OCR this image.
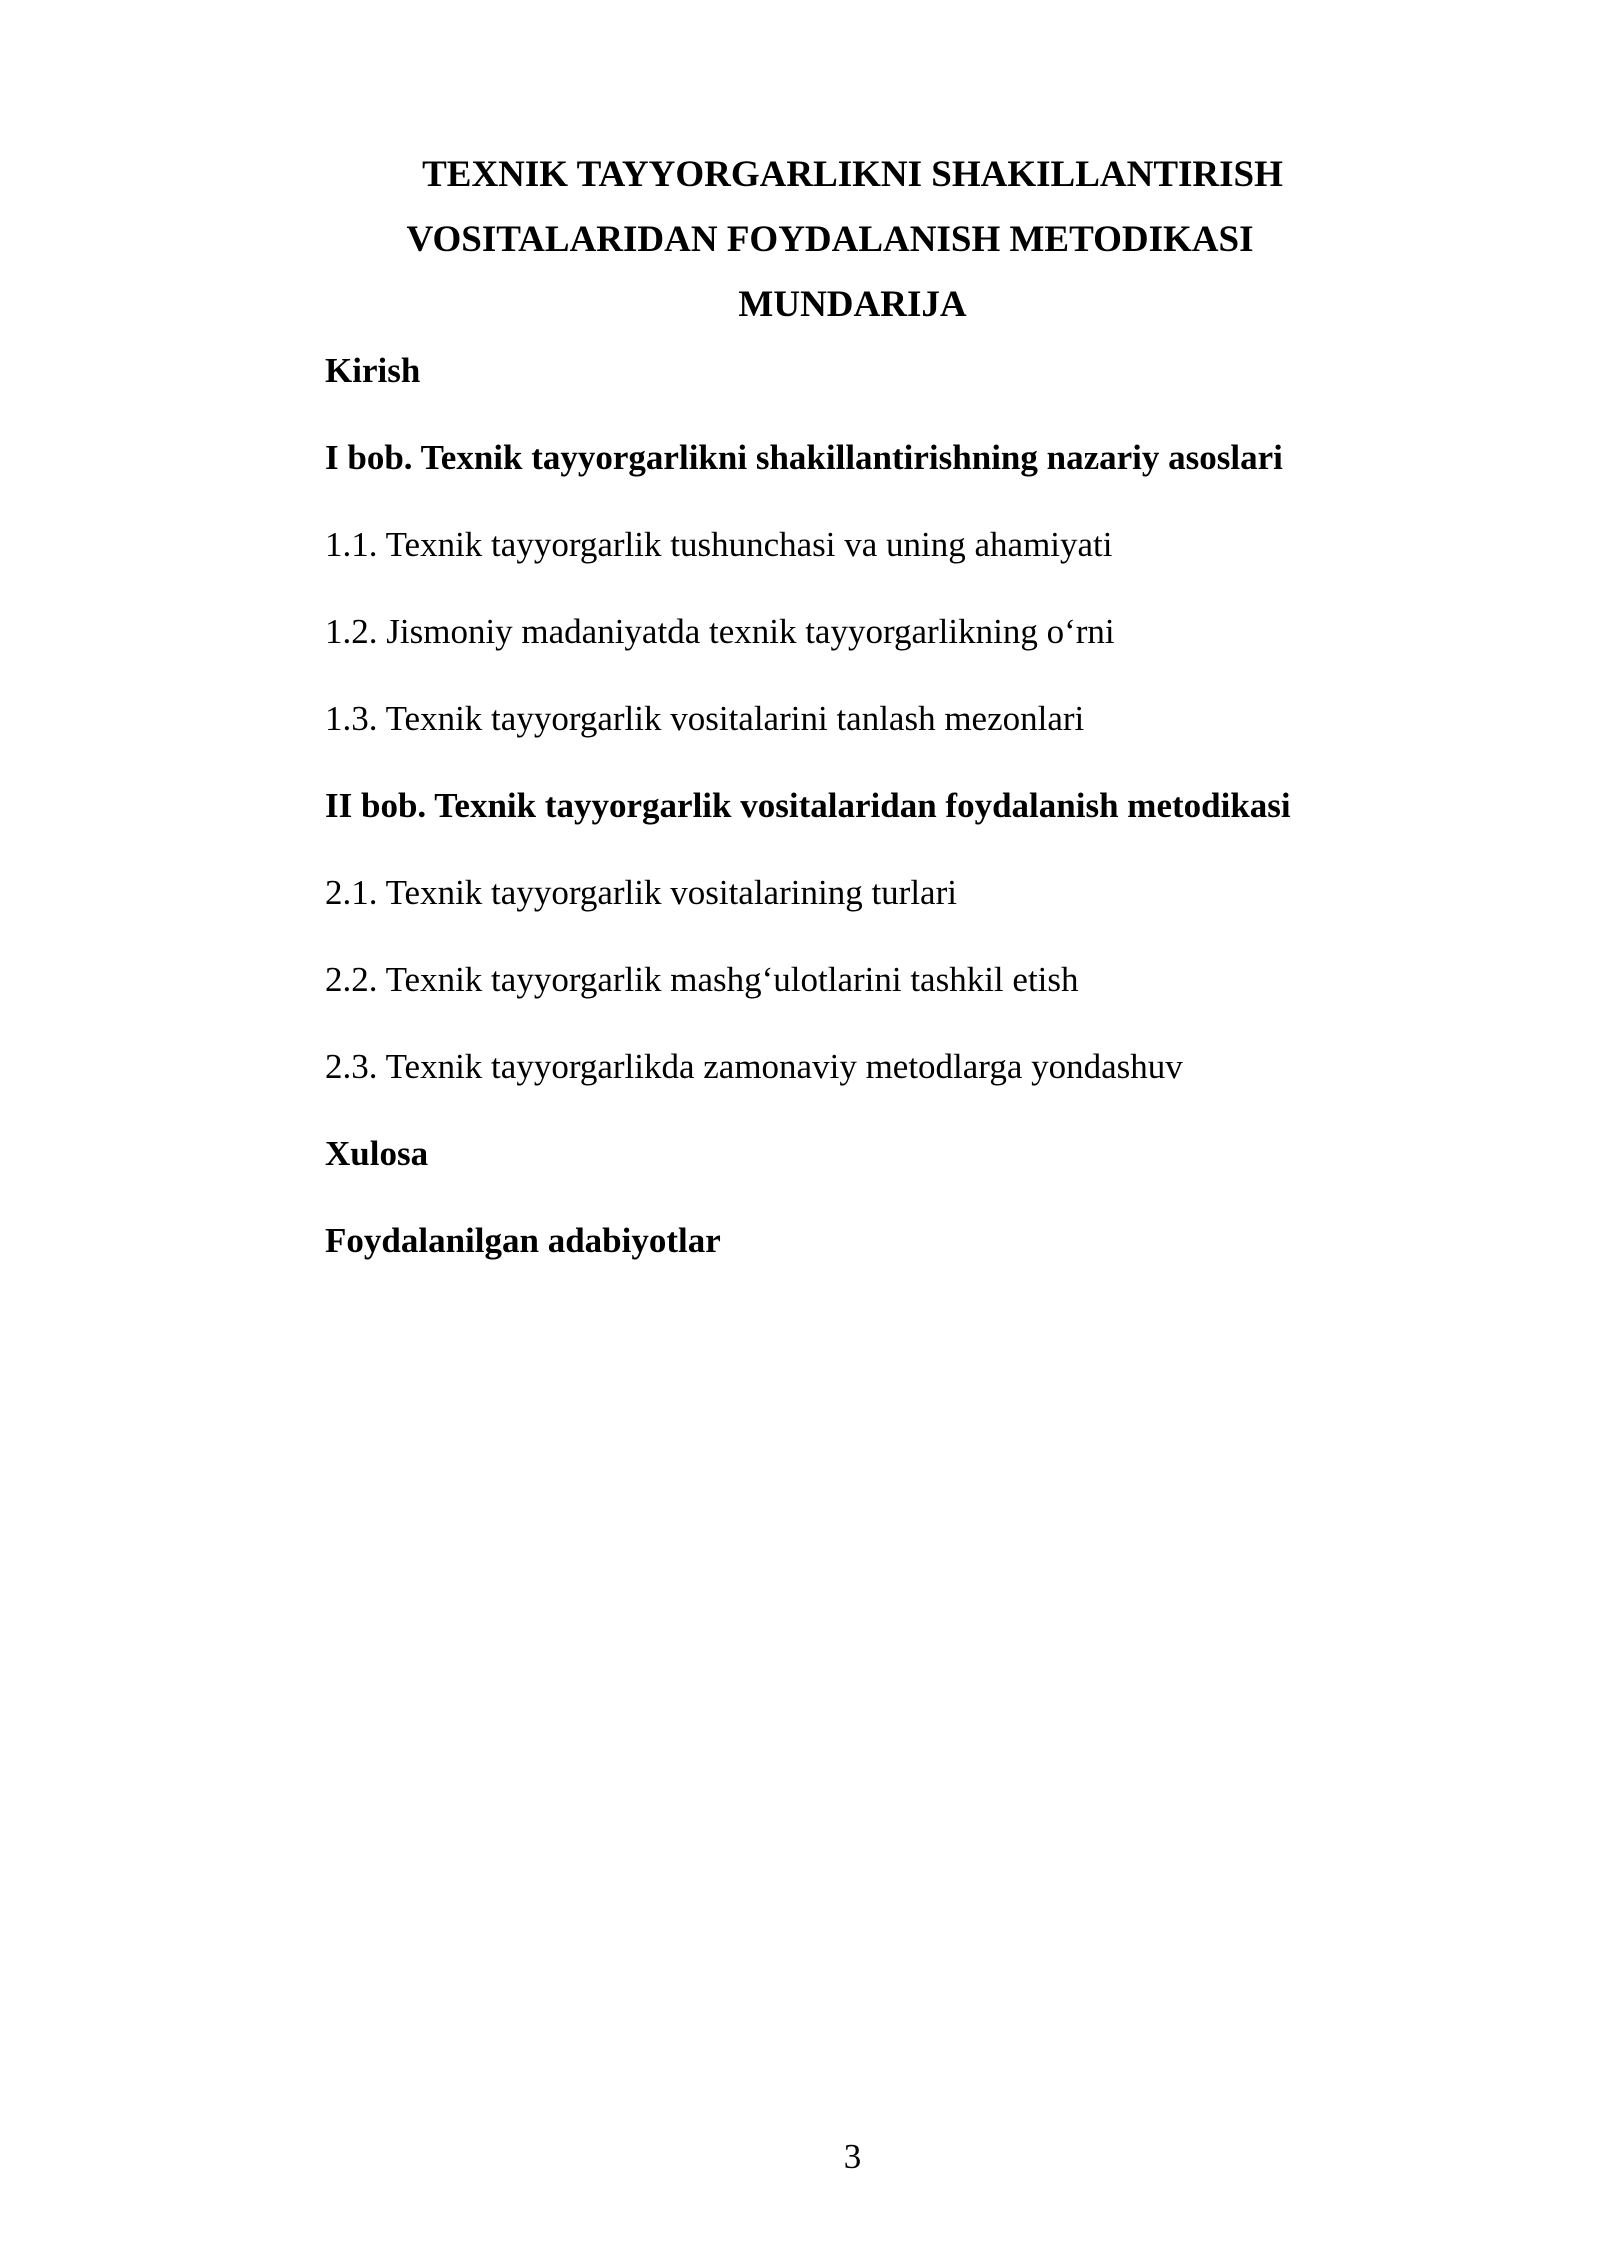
TEXNIK TAYYORGARLIKNI SHAKILLANTIRISH
VOSITALARIDAN FOYDALANISH METODIKASI
MUNDARIJA
Kirish
I bob. Texnik tayyorgarlikni shakillantirishning nazariy asoslari
1.1. Texnik tayyorgarlik tushunchasi va uning ahamiyati
1.2. Jismoniy madaniyatda texnik tayyorgarlikning o‘rni
1.3. Texnik tayyorgarlik vositalarini tanlash mezonlari
II bob. Texnik tayyorgarlik vositalaridan foydalanish metodikasi
2.1. Texnik tayyorgarlik vositalarining turlari
2.2. Texnik tayyorgarlik mashg‘ulotlarini tashkil etish
2.3. Texnik tayyorgarlikda zamonaviy metodlarga yondashuv
Xulosa
Foydalanilgan adabiyotlar
3
